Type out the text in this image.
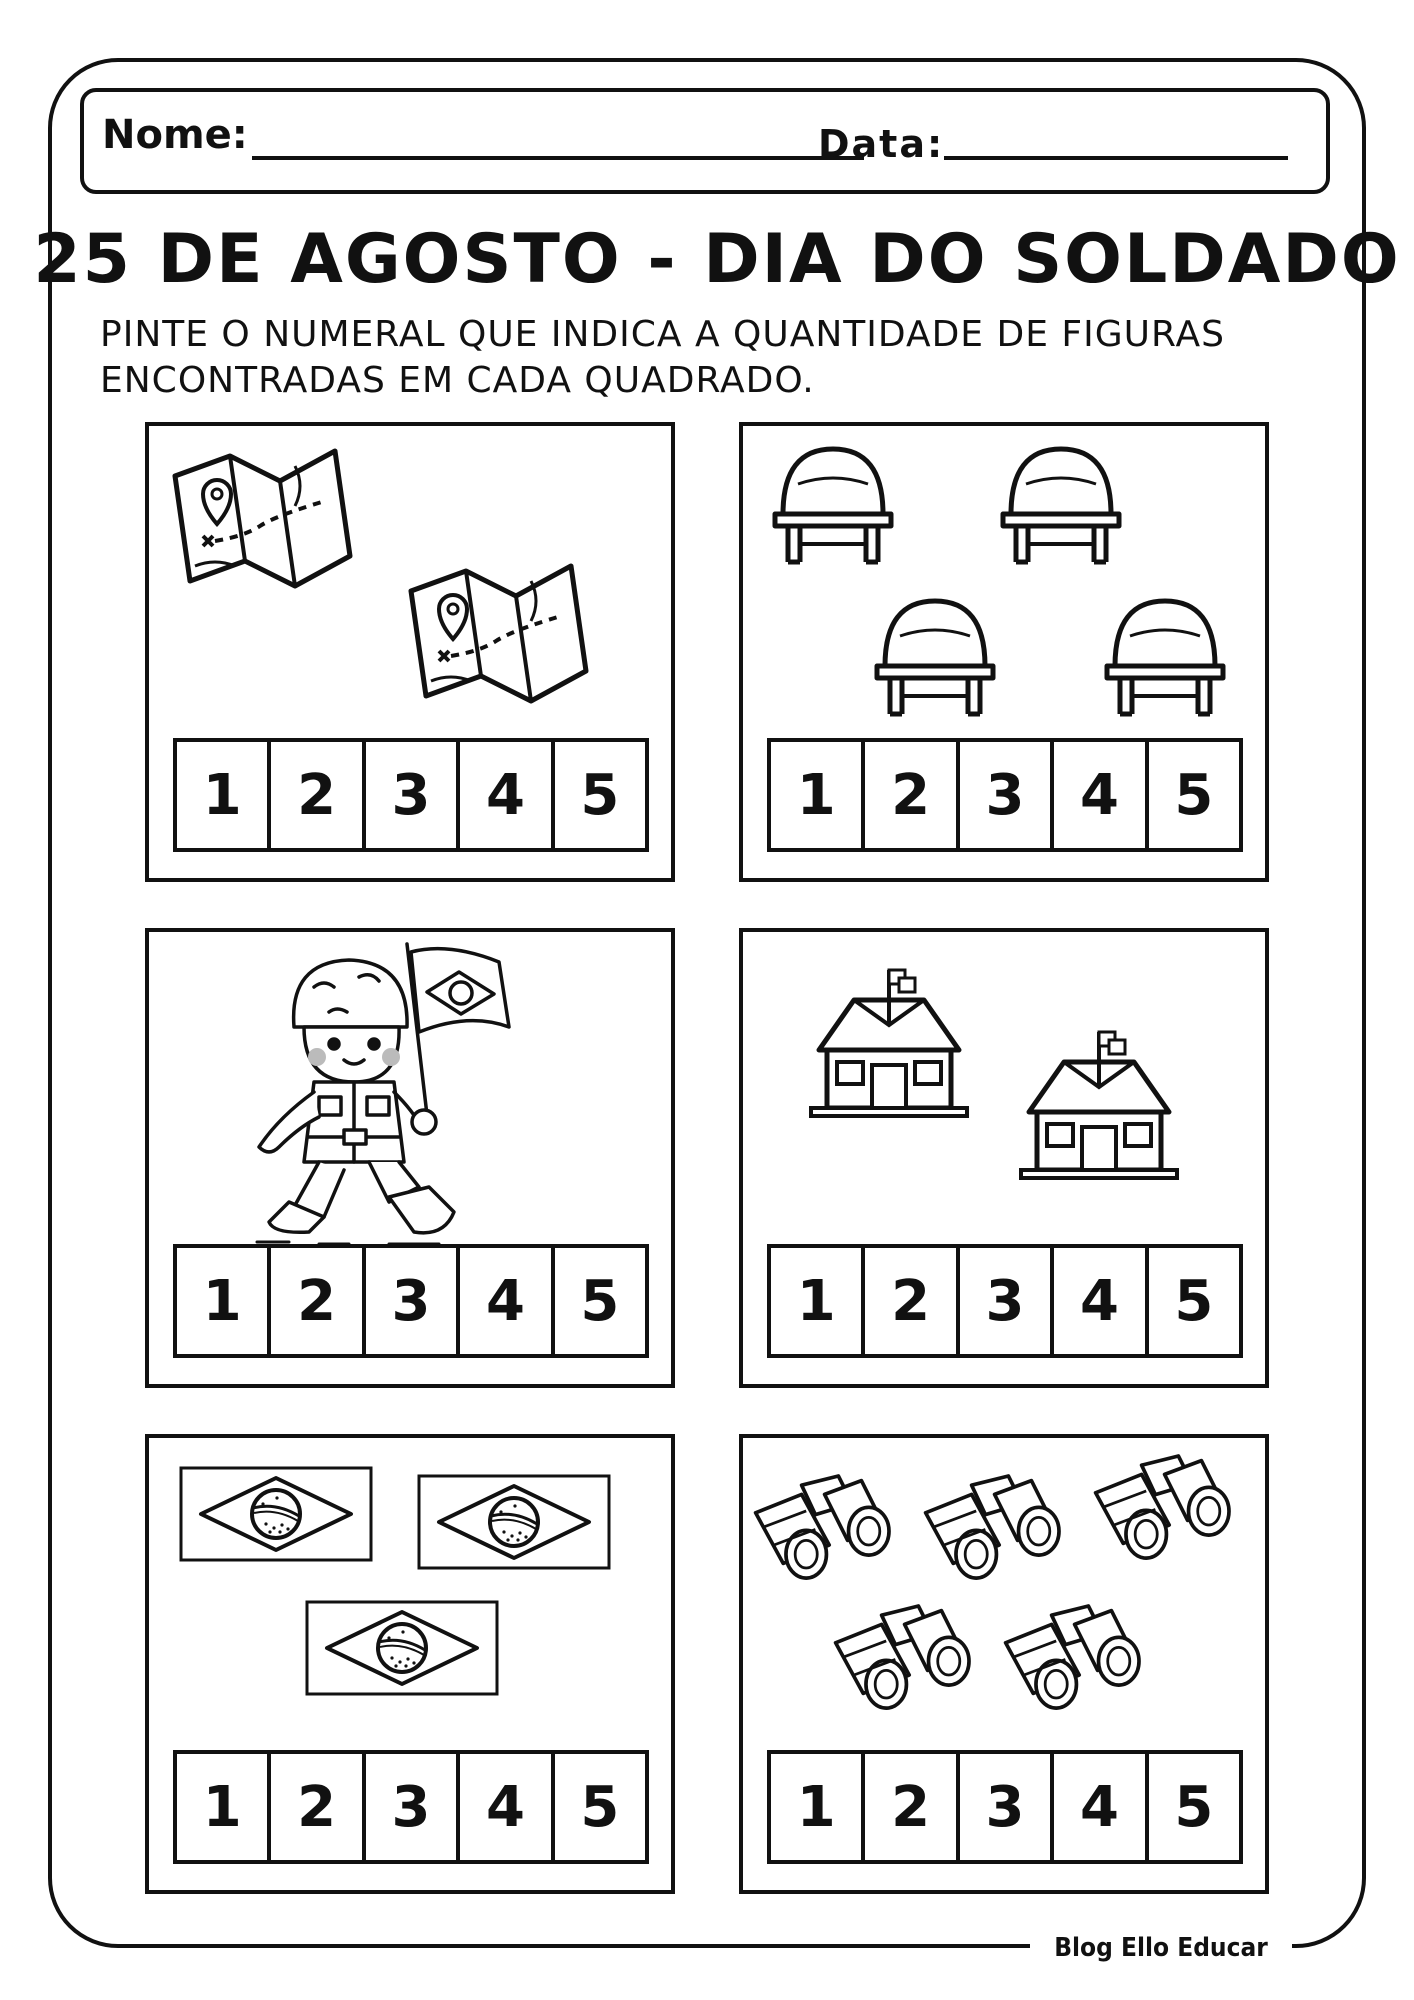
Blog Ello Educar
Nome:	Data:
25 DE AGOSTO - DIA DO SOLDADO
PINTE O NUMERAL QUE INDICA A QUANTIDADE DE FIGURAS ENCONTRADAS EM CADA QUADRADO.
1 2 3 4 5	1 2 3 4 5
1 2 3 4 5	1 2 3 4 5
1 2 3 4 5	1 2 3 4 5
